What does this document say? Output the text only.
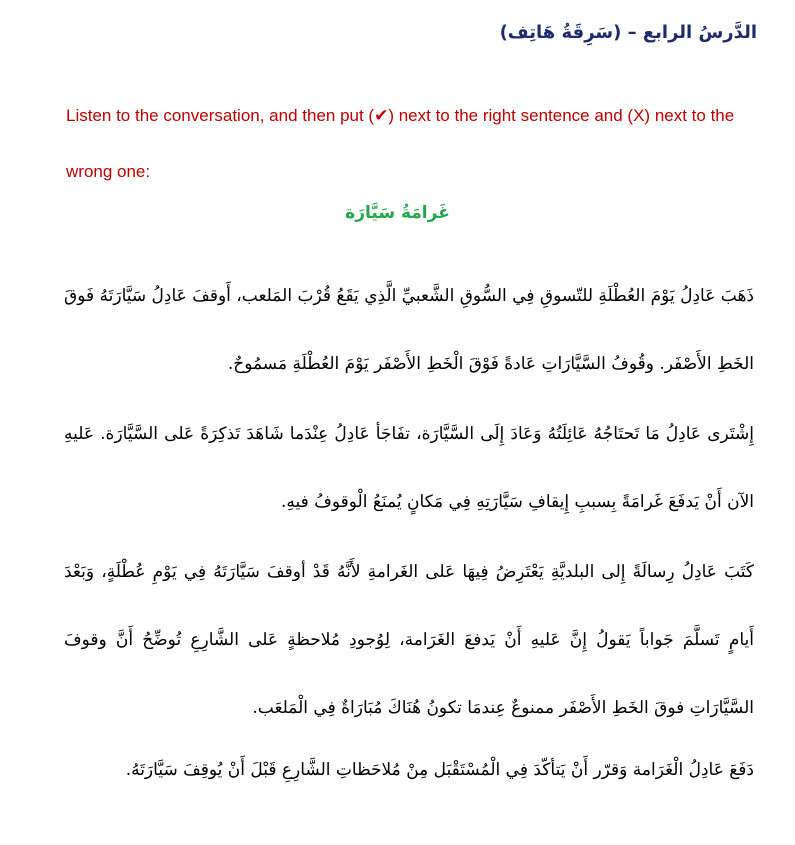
الدَّرسُ الرابع – (سَرِقَةُ هَاتِف)
Listen to the conversation, and then put (✔) next to the right sentence and (X) next to the wrong one:
غَرامَةُ سَيَّارَة

ذَهَبَ عَادِلُ يَوْمَ العُطْلَةِ للتّسوقِ فِي السُّوقِ الشَّعبيِّ الَّذِي يَقَعُ قُرْبَ المَلعب، أَوقفَ عَادِلُ سَيَّارَتَهُ فَوقَ الخَطِ الأَصْفَر. وقُوفُ السَّيَّارَاتِ عَادةً فَوْقَ الْخَطِ الأَصْفَر يَوْمَ العُطْلَةِ مَسمُوحٌ.

إِشْتَرى عَادِلُ مَا تَحتَاجُهُ عَائِلَتُهُ وَعَادَ إِلَى السَّيَّارَة، تفَاجَأ عَادِلُ عِنْدَما شَاهَدَ تَذكِرَةً عَلى السَّيَّارَة. عَليهِ الآن أَنْ يَدفَعَ غَرامَةً بِسببِ إِيقافِ سَيَّارَتِهِ فِي مَكانٍ يُمنَعُ الْوقوفُ فيهِ.

كَتَبَ عَادِلُ رِسالَةً إِلى البلديَّةِ يَعْتَرِضُ فِيهَا عَلى الغَرامةِ لأَنَّهُ قَدْ أوقفَ سَيَّارَتَهُ فِي يَوْمِ عُطْلَةٍ، وَبَعْدَ أَيامٍ تَسلَّمَ جَواباً يَقولُ إِنَّ عَليهِ أَنْ يَدفعَ الغَرَامة، لِوُجودِ مُلاحظةٍ عَلى الشَّارِعِ تُوضِّحُ أَنَّ وقوفَ السَّيَّارَاتِ فوقَ الخَطِ الأَصْفَر ممنوعٌ عِندمَا تكونُ هُنَاكَ مُبَارَاةٌ فِي الْمَلعَب.

دَفَعَ عَادِلُ الْغَرَامة وَقرّر أَنْ يَتأكّدَ فِي الْمُسْتَقْبَل مِنْ مُلاحَظاتِ الشَّارِعِ قَبْلَ أَنْ يُوقِفَ سَيَّارَتَهُ.
